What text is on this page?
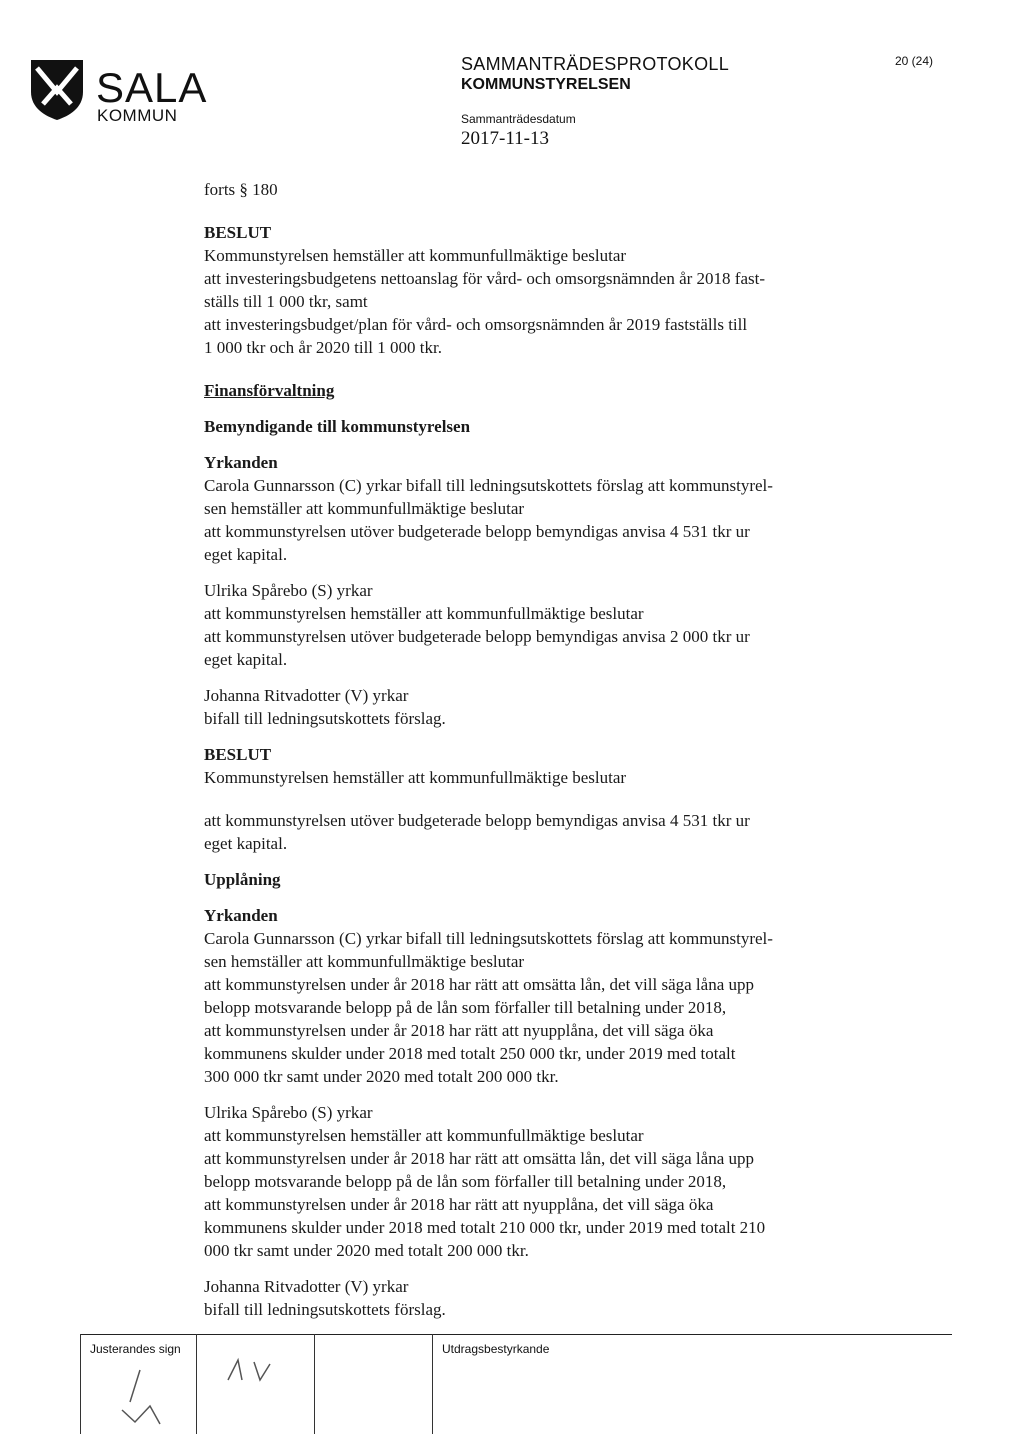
SALA
KOMMUN
SAMMANTRÄDESPROTOKOLL
KOMMUNSTYRELSEN
Sammanträdesdatum
2017-11-13
20 (24)

forts § 180

BESLUT

Kommunstyrelsen hemställer att kommunfullmäktige beslutar

att investeringsbudgetens nettoanslag för vård- och omsorgsnämnden år 2018 fast-

ställs till 1 000 tkr, samt

att investeringsbudget/plan för vård- och omsorgsnämnden år 2019 fastställs till

1 000 tkr och år 2020 till 1 000 tkr.

Finansförvaltning

Bemyndigande till kommunstyrelsen

Yrkanden

Carola Gunnarsson (C) yrkar bifall till ledningsutskottets förslag att kommunstyrel-

sen hemställer att kommunfullmäktige beslutar

att kommunstyrelsen utöver budgeterade belopp bemyndigas anvisa 4 531 tkr ur

eget kapital.

Ulrika Spårebo (S) yrkar

att kommunstyrelsen hemställer att kommunfullmäktige beslutar

att kommunstyrelsen utöver budgeterade belopp bemyndigas anvisa 2 000 tkr ur

eget kapital.

Johanna Ritvadotter (V) yrkar

bifall till ledningsutskottets förslag.

BESLUT

Kommunstyrelsen hemställer att kommunfullmäktige beslutar

att kommunstyrelsen utöver budgeterade belopp bemyndigas anvisa 4 531 tkr ur

eget kapital.

Upplåning

Yrkanden

Carola Gunnarsson (C) yrkar bifall till ledningsutskottets förslag att kommunstyrel-

sen hemställer att kommunfullmäktige beslutar

att kommunstyrelsen under år 2018 har rätt att omsätta lån, det vill säga låna upp

belopp motsvarande belopp på de lån som förfaller till betalning under 2018,

att kommunstyrelsen under år 2018 har rätt att nyupplåna, det vill säga öka

kommunens skulder under 2018 med totalt 250 000 tkr, under 2019 med totalt

300 000 tkr samt under 2020 med totalt 200 000 tkr.

Ulrika Spårebo (S) yrkar

att kommunstyrelsen hemställer att kommunfullmäktige beslutar

att kommunstyrelsen under år 2018 har rätt att omsätta lån, det vill säga låna upp

belopp motsvarande belopp på de lån som förfaller till betalning under 2018,

att kommunstyrelsen under år 2018 har rätt att nyupplåna, det vill säga öka

kommunens skulder under 2018 med totalt 210 000 tkr, under 2019 med totalt 210

000 tkr samt under 2020 med totalt 200 000 tkr.

Johanna Ritvadotter (V) yrkar

bifall till ledningsutskottets förslag.

Justerandes sign	Utdragsbestyrkande
